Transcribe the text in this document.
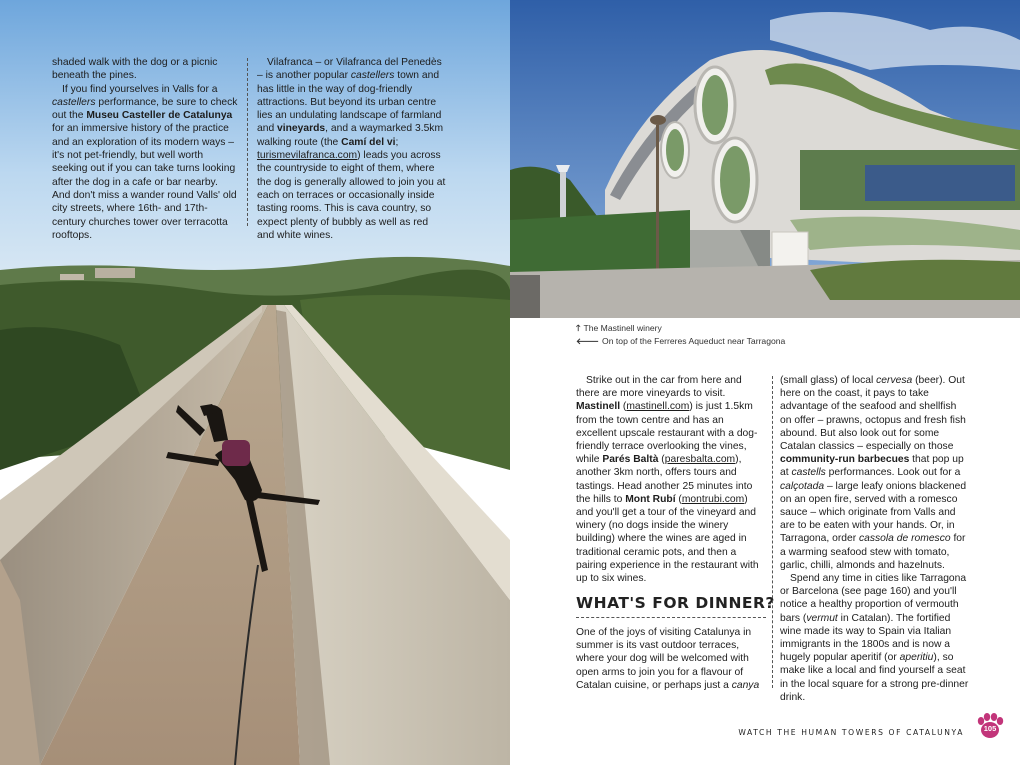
shaded walk with the dog or a picnic beneath the pines.

If you find yourselves in Valls for a castellers performance, be sure to check out the Museu Casteller de Catalunya for an immersive history of the practice and an exploration of its modern ways – it's not pet-friendly, but well worth seeking out if you can take turns looking after the dog in a cafe or bar nearby. And don't miss a wander round Valls' old city streets, where 16th- and 17th-century churches tower over terracotta rooftops.

Vilafranca – or Vilafranca del Penedès – is another popular castellers town and has little in the way of dog-friendly attractions. But beyond its urban centre lies an undulating landscape of farmland and vineyards, and a waymarked 3.5km walking route (the Camí del vi; turismevilafranca.com) leads you across the countryside to eight of them, where the dog is generally allowed to join you at each on terraces or occasionally inside tasting rooms. This is cava country, so expect plenty of bubbly as well as red and white wines.

🡑 The Mastinell winery
🡐 On top of the Ferreres Aqueduct near Tarragona

Strike out in the car from here and there are more vineyards to visit. Mastinell (mastinell.com) is just 1.5km from the town centre and has an excellent upscale restaurant with a dog-friendly terrace overlooking the vines, while Parés Baltà (paresbalta.com), another 3km north, offers tours and tastings. Head another 25 minutes into the hills to Mont Rubí (montrubi.com) and you'll get a tour of the vineyard and winery (no dogs inside the winery building) where the wines are aged in traditional ceramic pots, and then a pairing experience in the restaurant with up to six wines.

WHAT'S FOR DINNER?

One of the joys of visiting Catalunya in summer is its vast outdoor terraces, where your dog will be welcomed with open arms to join you for a flavour of Catalan cuisine, or perhaps just a canya

(small glass) of local cervesa (beer). Out here on the coast, it pays to take advantage of the seafood and shellfish on offer – prawns, octopus and fresh fish abound. But also look out for some Catalan classics – especially on those community-run barbecues that pop up at castells performances. Look out for a calçotada – large leafy onions blackened on an open fire, served with a romesco sauce – which originate from Valls and are to be eaten with your hands. Or, in Tarragona, order cassola de romesco for a warming seafood stew with tomato, garlic, chilli, almonds and hazelnuts.

Spend any time in cities like Tarragona or Barcelona (see page 160) and you'll notice a healthy proportion of vermouth bars (vermut in Catalan). The fortified wine made its way to Spain via Italian immigrants in the 1800s and is now a hugely popular aperitif (or aperitiu), so make like a local and find yourself a seat in the local square for a strong pre-dinner drink.

WATCH THE HUMAN TOWERS OF CATALUNYA	105
